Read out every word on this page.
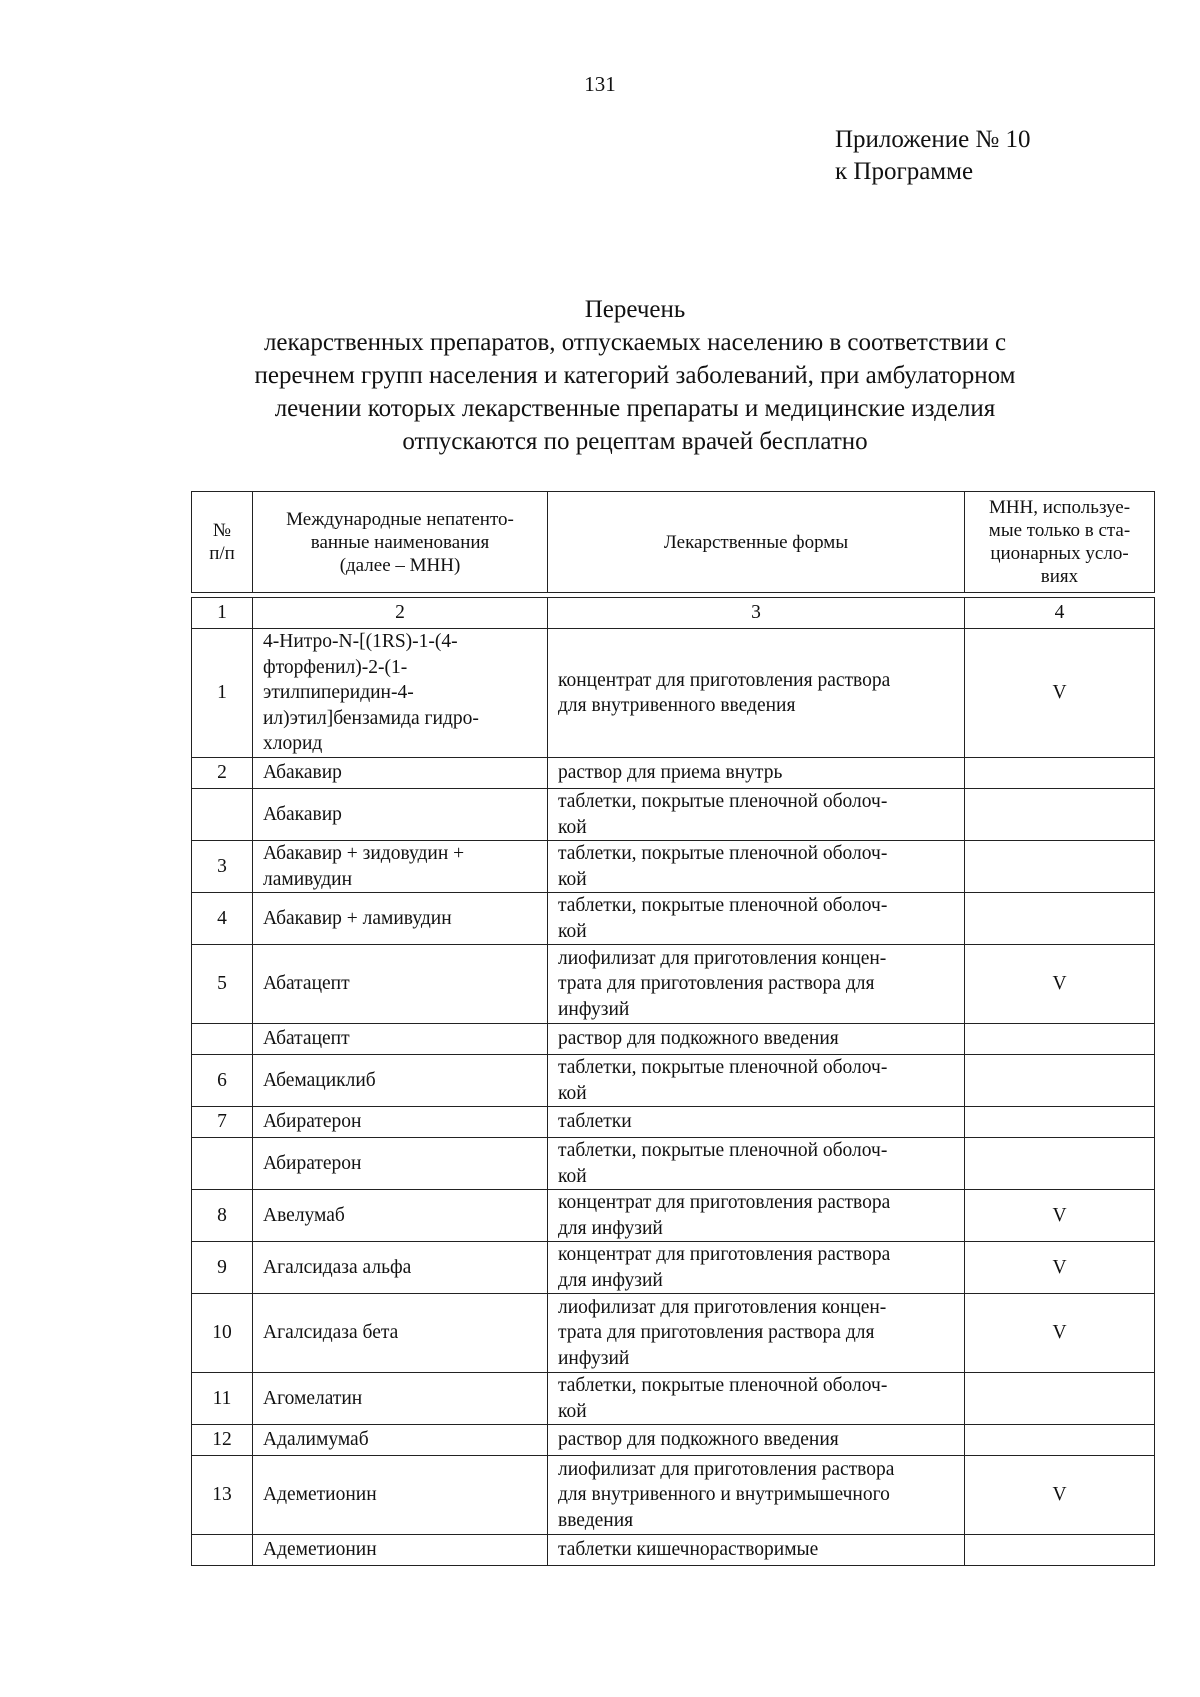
131
Приложение № 10
к Программе
Перечень
лекарственных препаратов, отпускаемых населению в соответствии с
перечнем групп населения и категорий заболеваний, при амбулаторном
лечении которых лекарственные препараты и медицинские изделия
отпускаются по рецептам врачей бесплатно
№
п/п	Международные непатенто-
ванные наименования
(далее – МНН)	Лекарственные формы	МНН, используе-
мые только в ста-
ционарных усло-
виях

1	2	3	4
1	4-Нитро-N-[(1RS)-1-(4-
фторфенил)-2-(1-
этилпиперидин-4-
ил)этил]бензамида гидро-
хлорид	концентрат для приготовления раствора
для внутривенного введения	V
2	Абакавир	раствор для приема внутрь	
	Абакавир	таблетки, покрытые пленочной оболоч-
кой	
3	Абакавир + зидовудин +
ламивудин	таблетки, покрытые пленочной оболоч-
кой	
4	Абакавир + ламивудин	таблетки, покрытые пленочной оболоч-
кой	
5	Абатацепт	лиофилизат для приготовления концен-
трата для приготовления раствора для
инфузий	V
	Абатацепт	раствор для подкожного введения	
6	Абемациклиб	таблетки, покрытые пленочной оболоч-
кой	
7	Абиратерон	таблетки	
	Абиратерон	таблетки, покрытые пленочной оболоч-
кой	
8	Авелумаб	концентрат для приготовления раствора
для инфузий	V
9	Агалсидаза альфа	концентрат для приготовления раствора
для инфузий	V
10	Агалсидаза бета	лиофилизат для приготовления концен-
трата для приготовления раствора для
инфузий	V
11	Агомелатин	таблетки, покрытые пленочной оболоч-
кой	
12	Адалимумаб	раствор для подкожного введения	
13	Адеметионин	лиофилизат для приготовления раствора
для внутривенного и внутримышечного
введения	V
	Адеметионин	таблетки кишечнорастворимые	
